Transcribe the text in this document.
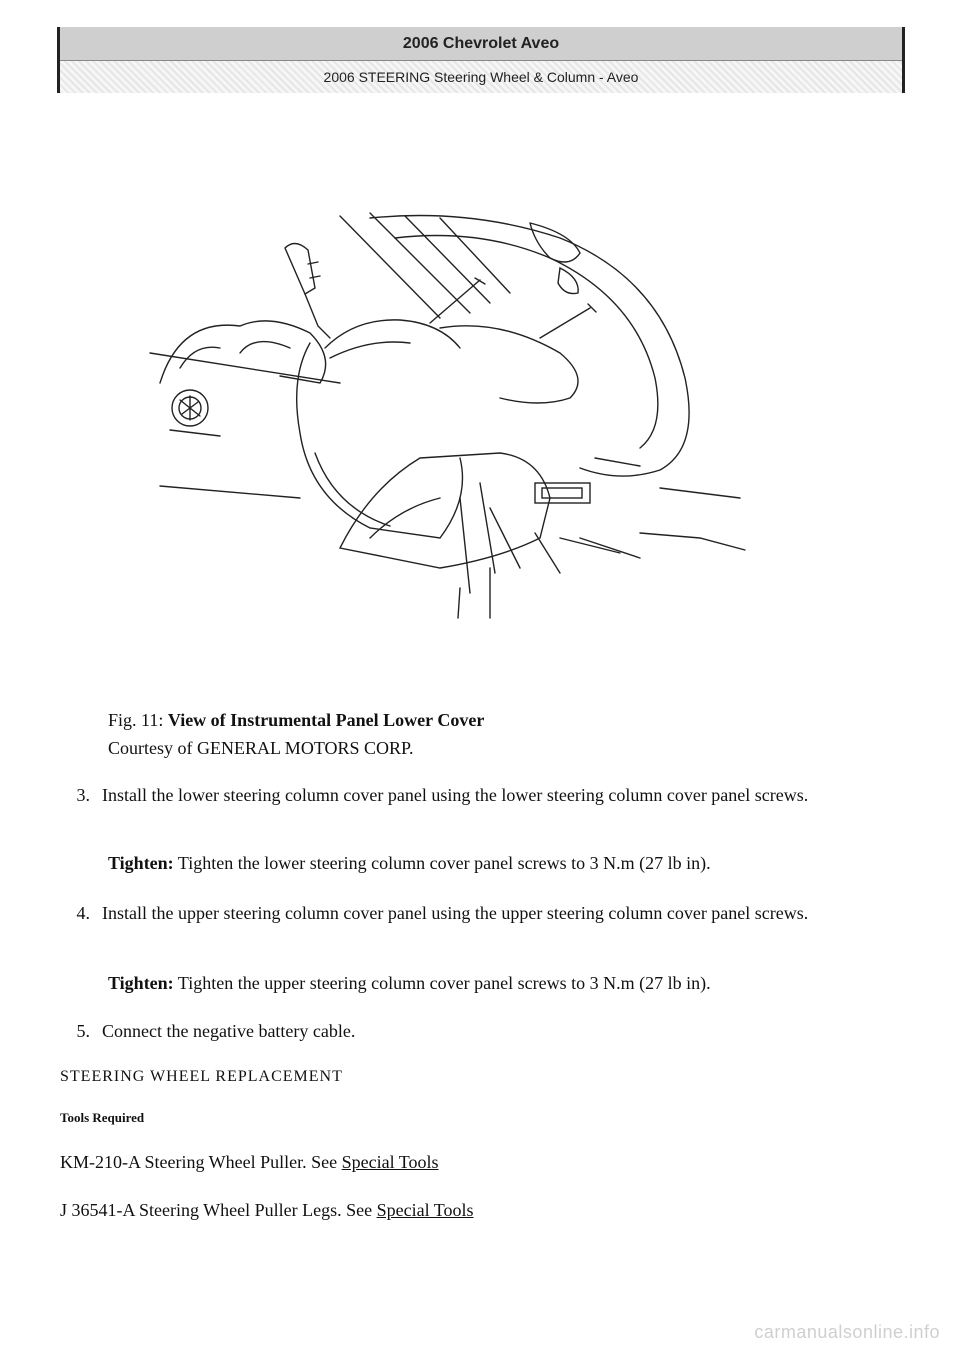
2006 Chevrolet Aveo
2006 STEERING Steering Wheel & Column - Aveo
Fig. 11: View of Instrumental Panel Lower Cover
Courtesy of GENERAL MOTORS CORP.
3. Install the lower steering column cover panel using the lower steering column cover panel screws.
Tighten: Tighten the lower steering column cover panel screws to 3 N.m (27 lb in).
4. Install the upper steering column cover panel using the upper steering column cover panel screws.
Tighten: Tighten the upper steering column cover panel screws to 3 N.m (27 lb in).
5. Connect the negative battery cable.
STEERING WHEEL REPLACEMENT
Tools Required
KM-210-A Steering Wheel Puller. See Special Tools
J 36541-A Steering Wheel Puller Legs. See Special Tools
carmanualsonline.info
